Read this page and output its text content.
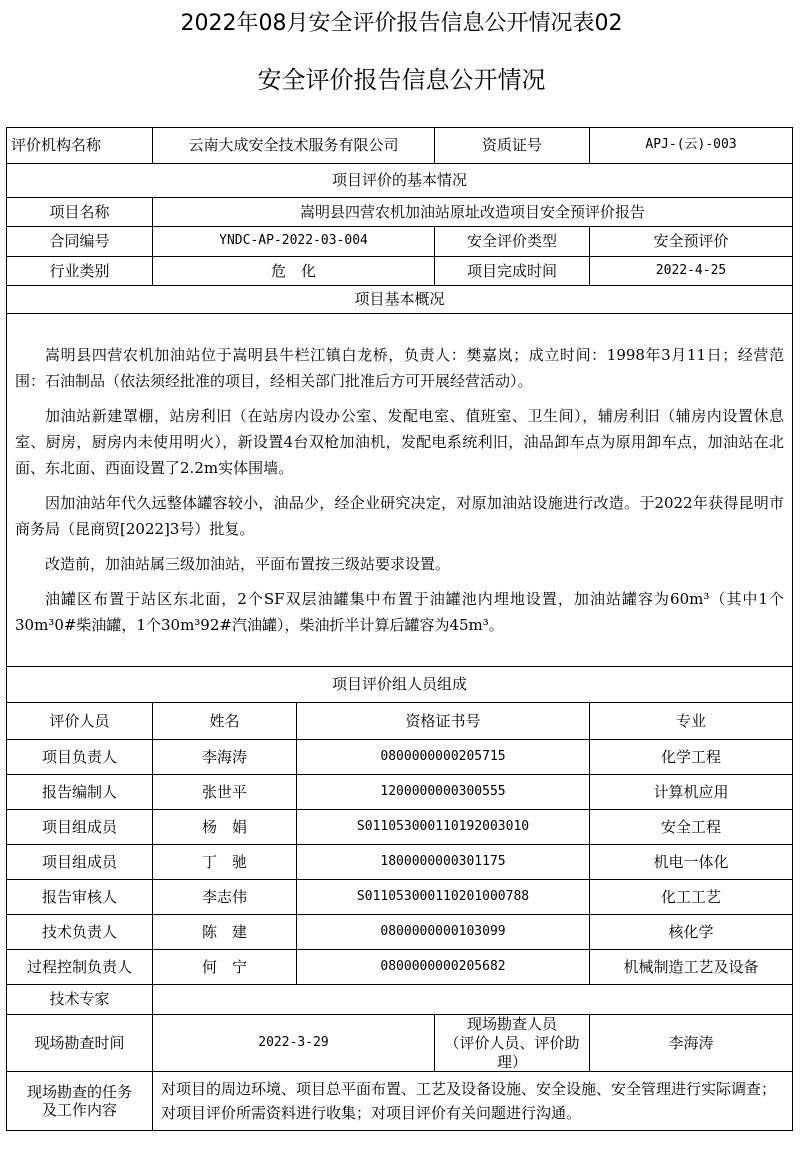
2022年08月安全评价报告信息公开情况表02
安全评价报告信息公开情况
评价机构名称	云南大成安全技术服务有限公司		资质证号	APJ-(云)-003
项目评价的基本情况				
项目名称	嵩明县四营农机加油站原址改造项目安全预评价报告			
合同编号	YNDC-AP-2022-03-004		安全评价类型	安全预评价
行业类别	危　化		项目完成时间	2022-4-25
项目基本概况				

嵩明县四营农机加油站位于嵩明县牛栏江镇白龙桥，负责人：樊嘉岚；成立时间：1998年3月11日；经营范围：石油制品（依法须经批准的项目，经相关部门批准后方可开展经营活动）。

加油站新建罩棚，站房利旧（在站房内设办公室、发配电室、值班室、卫生间），辅房利旧（辅房内设置休息室、厨房，厨房内未使用明火），新设置4台双枪加油机，发配电系统利旧，油品卸车点为原用卸车点，加油站在北面、东北面、西面设置了2.2m实体围墙。

因加油站年代久远整体罐容较小，油品少，经企业研究决定，对原加油站设施进行改造。于2022年获得昆明市商务局（昆商贸[2022]3号）批复。

改造前，加油站属三级加油站，平面布置按三级站要求设置。

油罐区布置于站区东北面，2个SF双层油罐集中布置于油罐池内埋地设置，加油站罐容为60m³（其中1个30m³0#柴油罐，1个30m³92#汽油罐），柴油折半计算后罐容为45m³。				

项目评价组人员组成				
评价人员	姓名	资格证书号		专业
项目负责人	李海涛	0800000000205715		化学工程
报告编制人	张世平	1200000000300555		计算机应用
项目组成员	杨　娟	S011053000110192003010		安全工程
项目组成员	丁　驰	1800000000301175		机电一体化
报告审核人	李志伟	S011053000110201000788		化工工艺
技术负责人	陈　建	0800000000103099		核化学
过程控制负责人	何　宁	0800000000205682		机械制造工艺及设备
技术专家				
现场勘查时间	2022-3-29		现场勘查人员
（评价人员、评价助理）	李海涛

现场勘查的任务
及工作内容	对项目的周边环境、项目总平面布置、工艺及设备设施、安全设施、安全管理进行实际调查；对项目评价所需资料进行收集；对项目评价有关问题进行沟通。			
